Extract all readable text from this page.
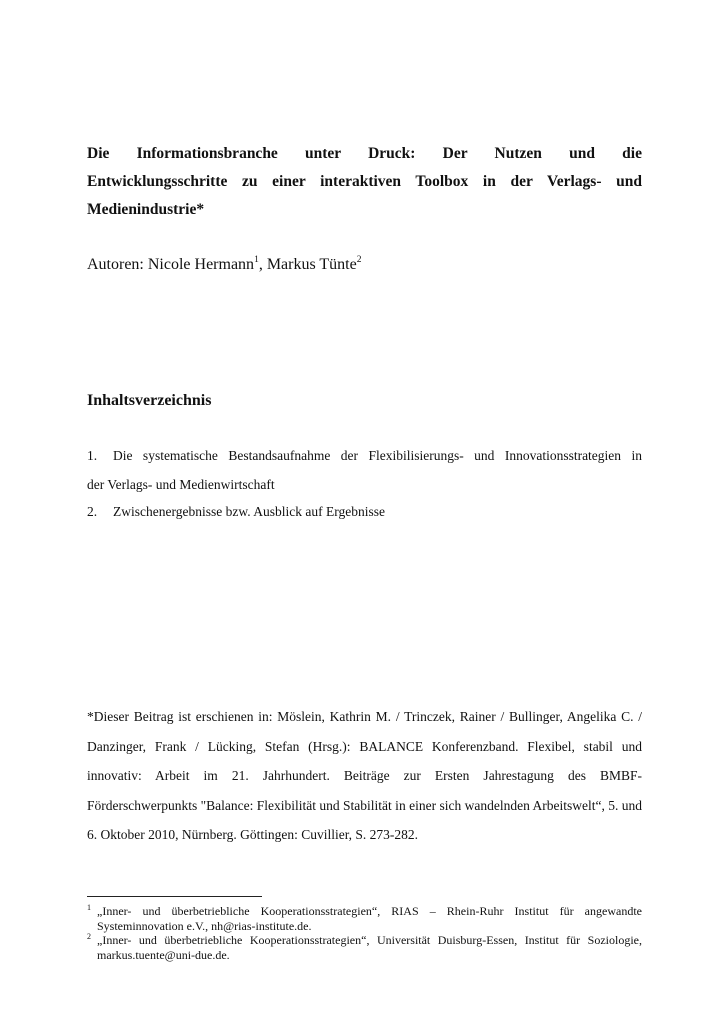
Die Informationsbranche unter Druck: Der Nutzen und die
Entwicklungsschritte zu einer interaktiven Toolbox in der Verlags- und
Medienindustrie*
Autoren: Nicole Hermann$^1$, Markus Tünte$^2$
Inhaltsverzeichnis
1. Die systematische Bestandsaufnahme der Flexibilisierungs- und Innovationsstrategien in
der Verlags- und Medienwirtschaft
2. Zwischenergebnisse bzw. Ausblick auf Ergebnisse
*Dieser Beitrag ist erschienen in: Möslein, Kathrin M. / Trinczek, Rainer / Bullinger, Angelika C. /
Danzinger, Frank / Lücking, Stefan (Hrsg.): BALANCE Konferenzband. Flexibel, stabil und
innovativ: Arbeit im 21. Jahrhundert. Beiträge zur Ersten Jahrestagung des BMBF-
Förderschwerpunkts "Balance: Flexibilität und Stabilität in einer sich wandelnden Arbeitswelt“, 5. und
6. Oktober 2010, Nürnberg. Göttingen: Cuvillier, S. 273-282.
1 „Inner- und überbetriebliche Kooperationsstrategien“, RIAS – Rhein-Ruhr Institut für angewandte
Systeminnovation e.V., nh@rias-institute.de.
2 „Inner- und überbetriebliche Kooperationsstrategien“, Universität Duisburg-Essen, Institut für Soziologie,
markus.tuente@uni-due.de.
